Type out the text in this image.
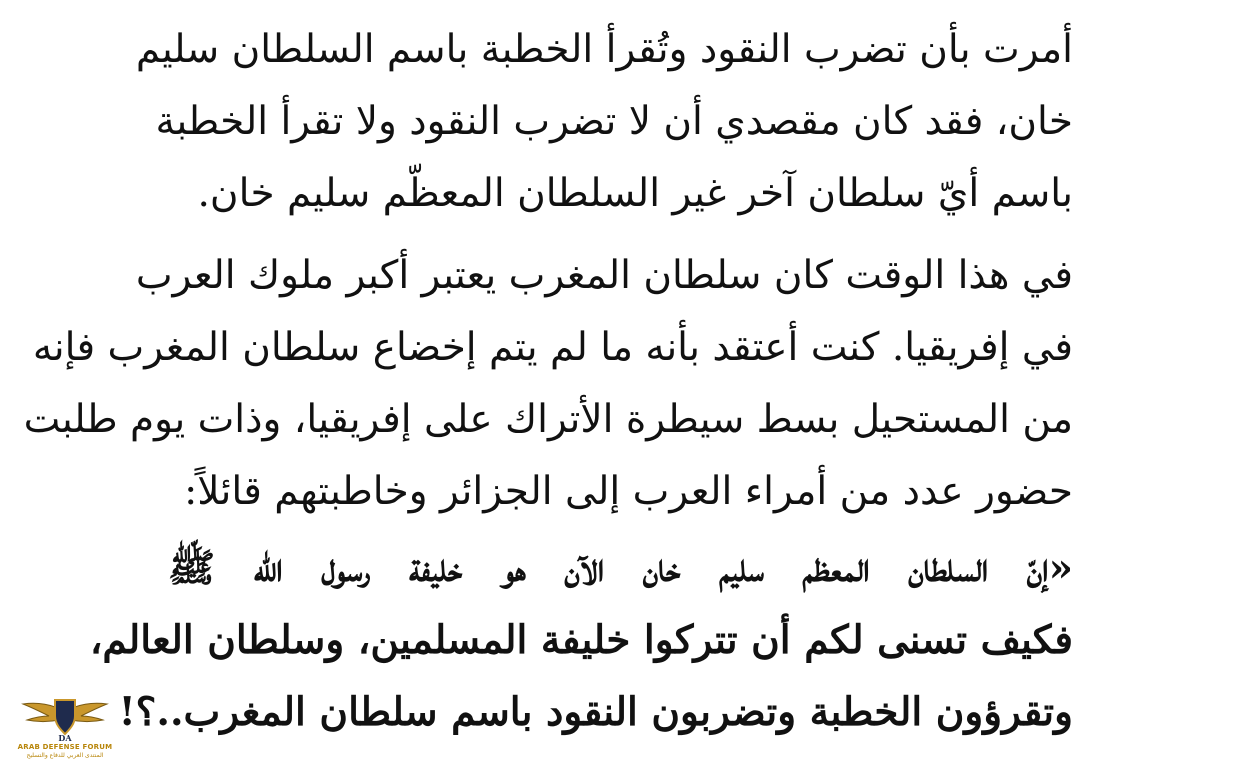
أمرت بأن تضرب النقود وتُقرأ الخطبة باسم السلطان سليم
خان، فقد كان مقصدي أن لا تضرب النقود ولا تقرأ الخطبة
باسم أيّ سلطان آخر غير السلطان المعظّم سليم خان.
في هذا الوقت كان سلطان المغرب يعتبر أكبر ملوك العرب
في إفريقيا. كنت أعتقد بأنه ما لم يتم إخضاع سلطان المغرب فإنه
من المستحيل بسط سيطرة الأتراك على إفريقيا، وذات يوم طلبت
حضور عدد من أمراء العرب إلى الجزائر وخاطبتهم قائلاً:
«إنّ السلطان المعظم سليم خان الآن هو خليفة رسول الله ﷺ
فكيف تسنى لكم أن تتركوا خليفة المسلمين، وسلطان العالم،
وتقرؤون الخطبة وتضربون النقود باسم سلطان المغرب..؟!
DA
ARAB DEFENSE FORUM
المنتدى العربي للدفاع والتسليح
